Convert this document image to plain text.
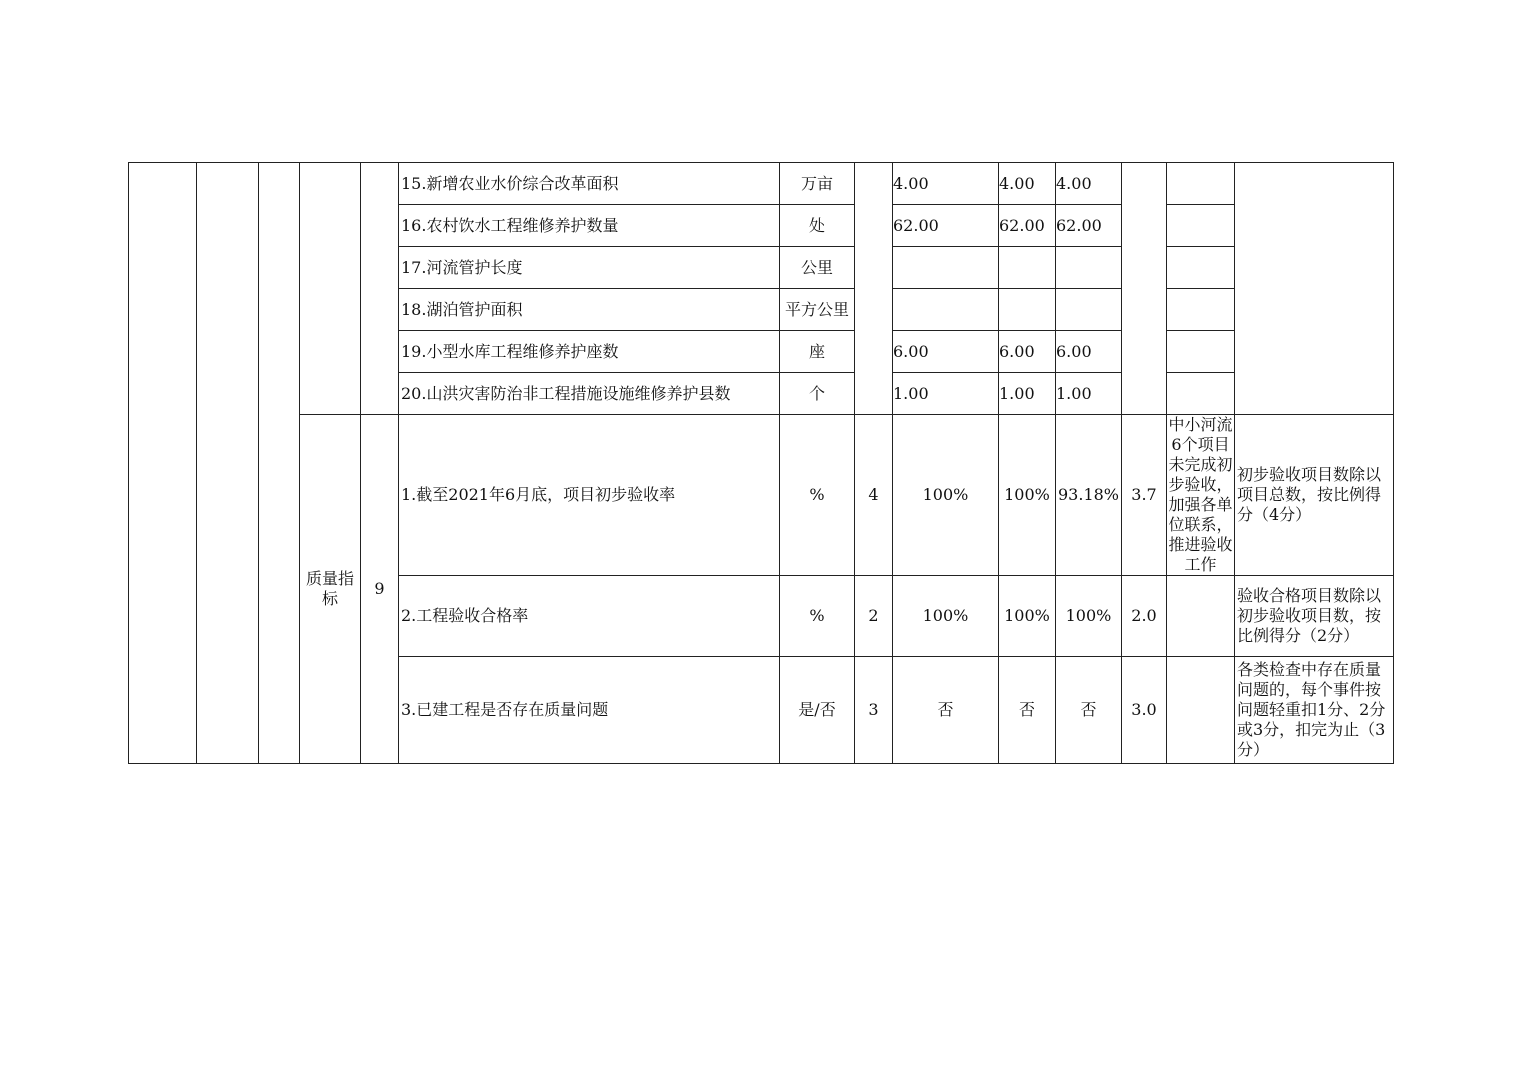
					15.新增农业水价综合改革面积	万亩		4.00	4.00	4.00			
					16.农村饮水工程维修养护数量	处		62.00	62.00	62.00			
					17.河流管护长度	公里							
					18.湖泊管护面积	平方公里							
					19.小型水库工程维修养护座数	座		6.00	6.00	6.00			
					20.山洪灾害防治非工程措施设施维修养护县数	个		1.00	1.00	1.00			
			质量指标	9	1.截至2021年6月底，项目初步验收率	%	4	100%	100%	93.18%	3.7	中小河流6个项目未完成初步验收，加强各单位联系，推进验收工作	初步验收项目数除以项目总数，按比例得分（4分）
					2.工程验收合格率	%	2	100%	100%	100%	2.0		验收合格项目数除以初步验收项目数，按比例得分（2分）
					3.已建工程是否存在质量问题	是/否	3	否	否	否	3.0		各类检查中存在质量问题的，每个事件按问题轻重扣1分、2分或3分，扣完为止（3分）
